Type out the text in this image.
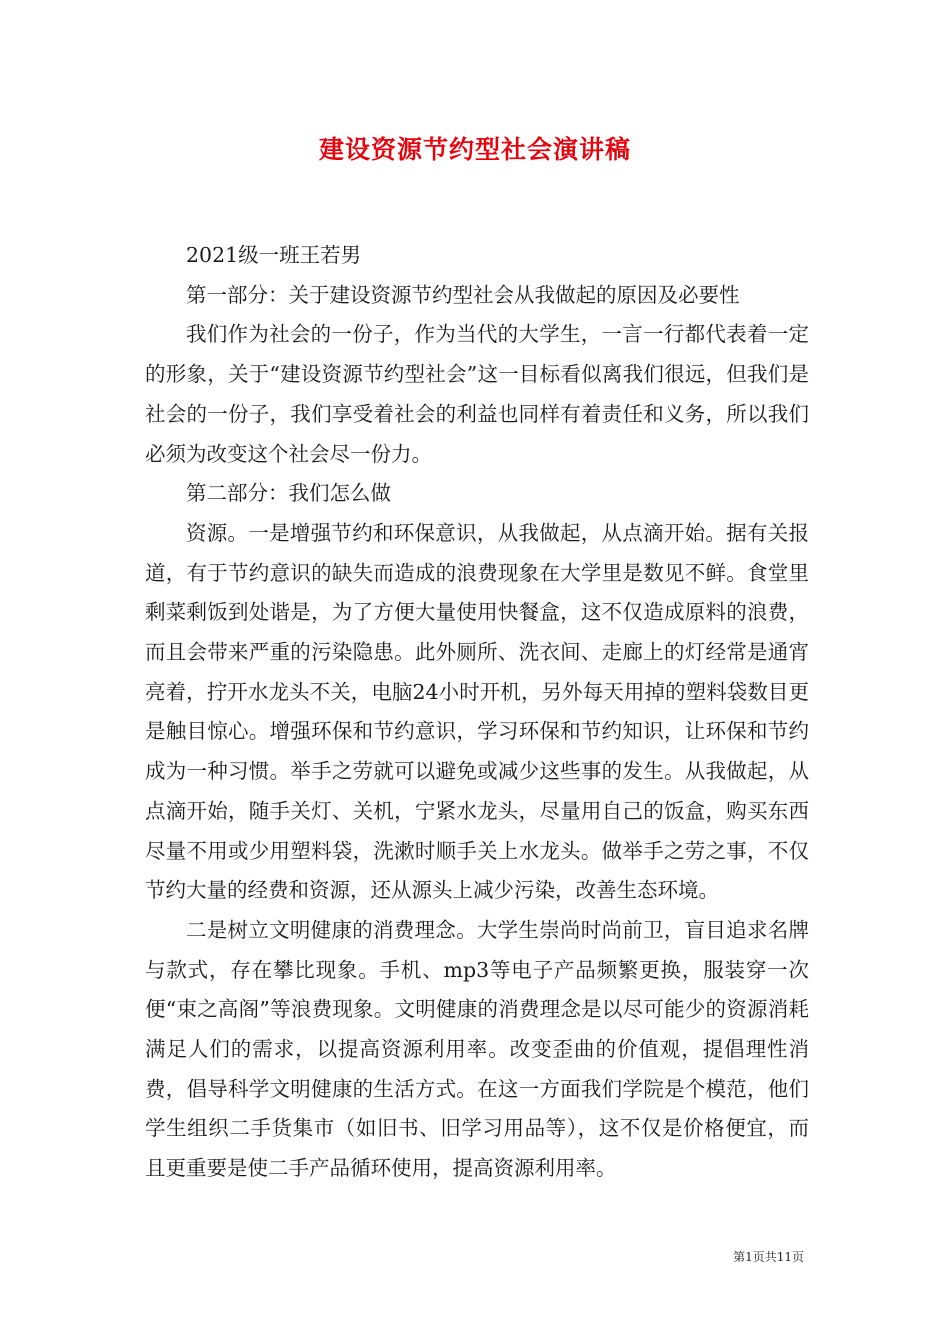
建设资源节约型社会演讲稿

2021级一班王若男

第一部分：关于建设资源节约型社会从我做起的原因及必要性

我们作为社会的一份子，作为当代的大学生，一言一行都代表着一定的形象，关于“建设资源节约型社会”这一目标看似离我们很远，但我们是社会的一份子，我们享受着社会的利益也同样有着责任和义务，所以我们必须为改变这个社会尽一份力。

第二部分：我们怎么做

资源。一是增强节约和环保意识，从我做起，从点滴开始。据有关报道，有于节约意识的缺失而造成的浪费现象在大学里是数见不鲜。食堂里剩菜剩饭到处谐是，为了方便大量使用快餐盒，这不仅造成原料的浪费，而且会带来严重的污染隐患。此外厕所、洗衣间、走廊上的灯经常是通宵亮着，拧开水龙头不关，电脑24小时开机，另外每天用掉的塑料袋数目更是触目惊心。增强环保和节约意识，学习环保和节约知识，让环保和节约成为一种习惯。举手之劳就可以避免或减少这些事的发生。从我做起，从点滴开始，随手关灯、关机，宁紧水龙头，尽量用自己的饭盒，购买东西尽量不用或少用塑料袋，洗漱时顺手关上水龙头。做举手之劳之事，不仅节约大量的经费和资源，还从源头上减少污染，改善生态环境。

二是树立文明健康的消费理念。大学生崇尚时尚前卫，盲目追求名牌与款式，存在攀比现象。手机、mp3等电子产品频繁更换，服装穿一次便“束之高阁”等浪费现象。文明健康的消费理念是以尽可能少的资源消耗满足人们的需求，以提高资源利用率。改变歪曲的价值观，提倡理性消费，倡导科学文明健康的生活方式。在这一方面我们学院是个模范，他们学生组织二手货集市（如旧书、旧学习用品等），这不仅是价格便宜，而且更重要是使二手产品循环使用，提高资源利用率。

第1页共11页
